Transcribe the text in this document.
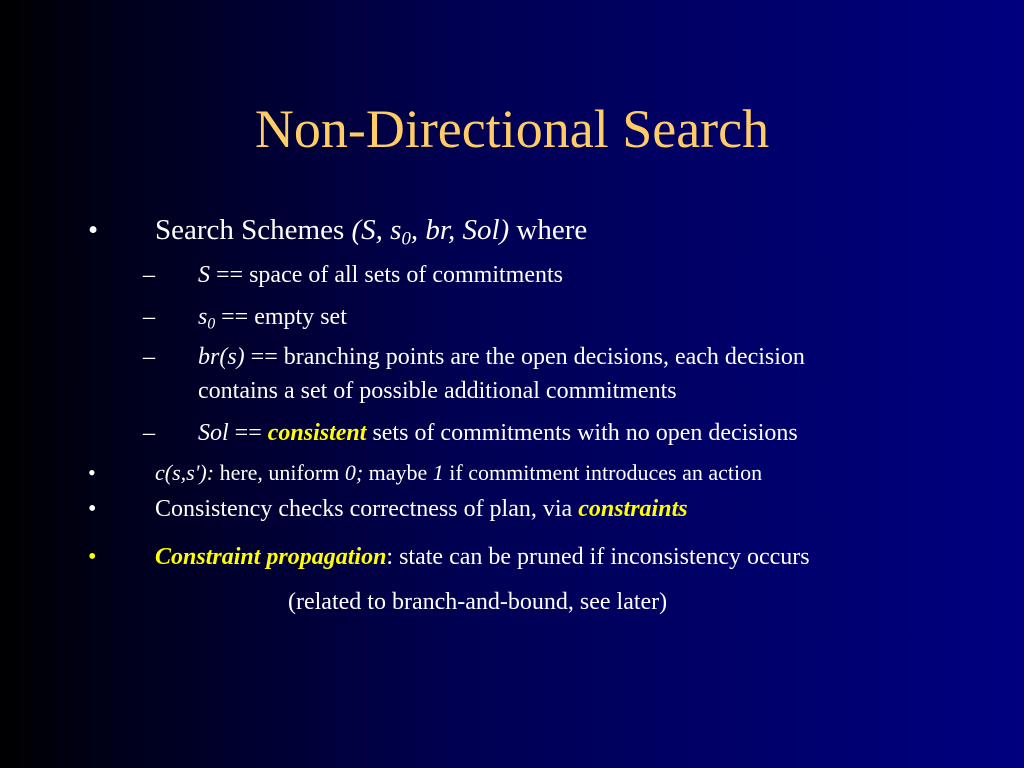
Non-Directional Search
• Search Schemes (S, $s_0$, br, Sol) where
– S == space of all sets of commitments
– $s_0$ == empty set
– br(s) == branching points are the open decisions, each decision
contains a set of possible additional commitments
– Sol == consistent sets of commitments with no open decisions
•	c(s,s'): here, uniform 0; maybe 1 if commitment introduces an action
• Consistency checks correctness of plan, via constraints
• Constraint propagation: state can be pruned if inconsistency occurs
(related to branch-and-bound, see later)
